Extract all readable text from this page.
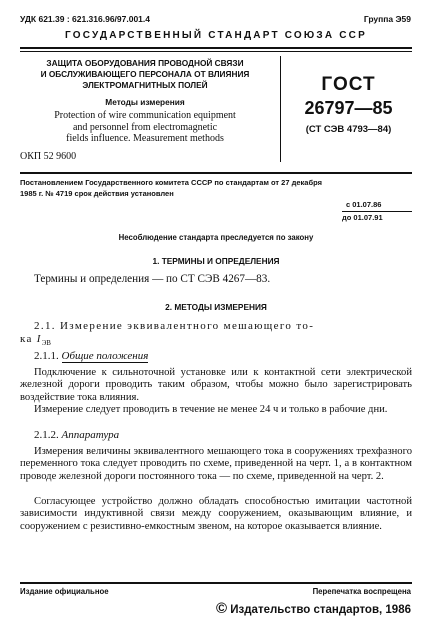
УДК 621.39 : 621.316.96/97.001.4	Группа Э59
ГОСУДАРСТВЕННЫЙ СТАНДАРТ СОЮЗА ССР
ЗАЩИТА ОБОРУДОВАНИЯ ПРОВОДНОЙ СВЯЗИ
И ОБСЛУЖИВАЮЩЕГО ПЕРСОНАЛА ОТ ВЛИЯНИЯ
ЭЛЕКТРОМАГНИТНЫХ ПОЛЕЙ
Методы измерения
Protection of wire communication equipment
and personnel from electromagnetic
fields influence. Measurement methods
ОКП 52 9600
ГОСТ
26797—85
(СТ СЭВ 4793—84)
Постановлением Государственного комитета СССР по стандартам от 27 декабря
1985 г. № 4719 срок действия установлен
с 01.07.86
до 01.07.91
Несоблюдение стандарта преследуется по закону
1. ТЕРМИНЫ И ОПРЕДЕЛЕНИЯ
Термины и определения — по СТ СЭВ 4267—83.
2. МЕТОДЫ ИЗМЕРЕНИЯ
2.1. Измерение эквивалентного мешающего то-
ка $I_{ЭВ}$
2.1.1. Общие положения
Подключение к сильноточной установке или к контактной сети электрической железной дороги проводить таким образом, чтобы можно было зарегистрировать воздействие тока влияния.
Измерение следует проводить в течение не менее 24 ч и только в рабочие дни.
2.1.2. Аппаратура
Измерения величины эквивалентного мешающего тока в сооружениях трехфазного переменного тока следует проводить по схеме, приведенной на черт. 1, а в контактном проводе железной дороги постоянного тока — по схеме, приведенной на черт. 2.
Согласующее устройство должно обладать способностью имитации частотной зависимости индуктивной связи между сооружением, оказывающим влияние, и сооружением с резистивно-емкостным звеном, на которое оказывается влияние.
Издание официальное	Перепечатка воспрещена
© Издательство стандартов, 1986
